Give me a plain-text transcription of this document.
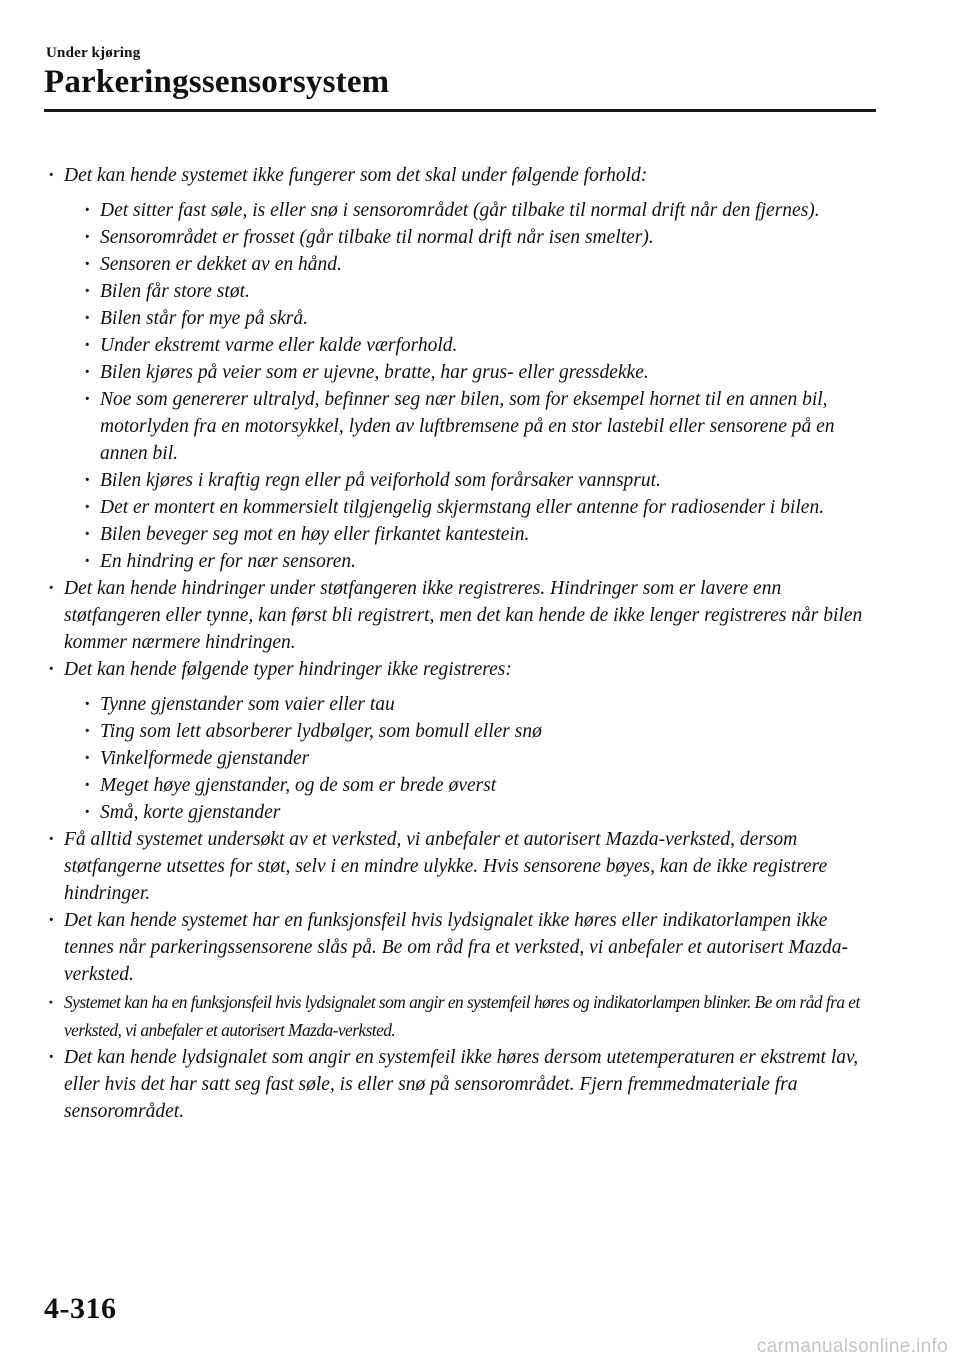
Under kjøring
Parkeringssensorsystem
· Det kan hende systemet ikke fungerer som det skal under følgende forhold:
· Det sitter fast søle, is eller snø i sensorområdet (går tilbake til normal drift når den fjernes).
· Sensorområdet er frosset (går tilbake til normal drift når isen smelter).
· Sensoren er dekket av en hånd.
· Bilen får store støt.
· Bilen står for mye på skrå.
· Under ekstremt varme eller kalde værforhold.
· Bilen kjøres på veier som er ujevne, bratte, har grus- eller gressdekke.
· Noe som genererer ultralyd, befinner seg nær bilen, som for eksempel hornet til en annen bil, motorlyden fra en motorsykkel, lyden av luftbremsene på en stor lastebil eller sensorene på en annen bil.
· Bilen kjøres i kraftig regn eller på veiforhold som forårsaker vannsprut.
· Det er montert en kommersielt tilgjengelig skjermstang eller antenne for radiosender i bilen.
· Bilen beveger seg mot en høy eller firkantet kantestein.
· En hindring er for nær sensoren.
· Det kan hende hindringer under støtfangeren ikke registreres. Hindringer som er lavere enn støtfangeren eller tynne, kan først bli registrert, men det kan hende de ikke lenger registreres når bilen kommer nærmere hindringen.
· Det kan hende følgende typer hindringer ikke registreres:
· Tynne gjenstander som vaier eller tau
· Ting som lett absorberer lydbølger, som bomull eller snø
· Vinkelformede gjenstander
· Meget høye gjenstander, og de som er brede øverst
· Små, korte gjenstander
· Få alltid systemet undersøkt av et verksted, vi anbefaler et autorisert Mazda-verksted, dersom støtfangerne utsettes for støt, selv i en mindre ulykke. Hvis sensorene bøyes, kan de ikke registrere hindringer.
· Det kan hende systemet har en funksjonsfeil hvis lydsignalet ikke høres eller indikatorlampen ikke tennes når parkeringssensorene slås på. Be om råd fra et verksted, vi anbefaler et autorisert Mazda-verksted.
· Systemet kan ha en funksjonsfeil hvis lydsignalet som angir en systemfeil høres og indikatorlampen blinker. Be om råd fra et verksted, vi anbefaler et autorisert Mazda-verksted.
· Det kan hende lydsignalet som angir en systemfeil ikke høres dersom utetemperaturen er ekstremt lav, eller hvis det har satt seg fast søle, is eller snø på sensorområdet. Fjern fremmedmateriale fra sensorområdet.
4-316
carmanualsonline.info
